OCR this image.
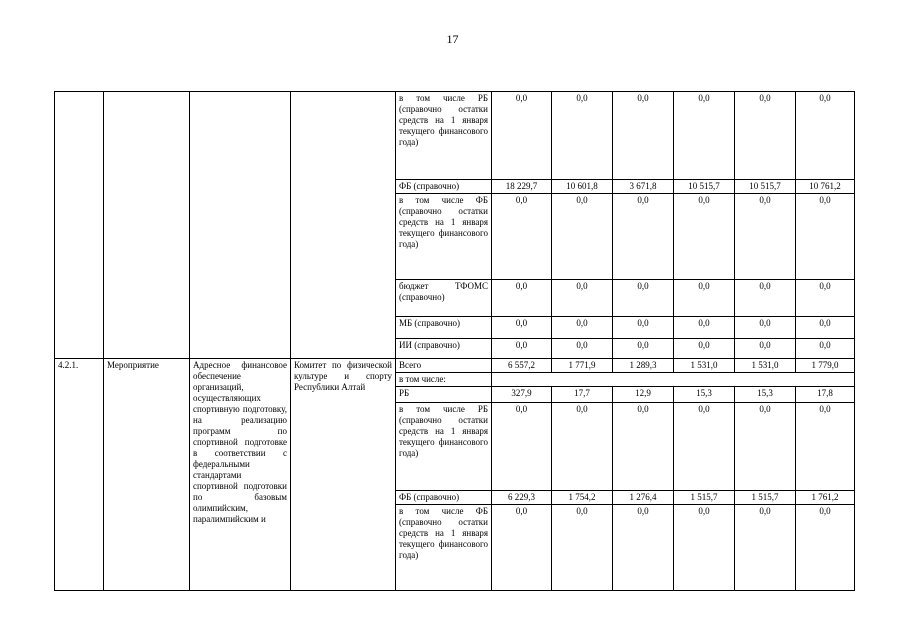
17
				в том числе РБ (справочно остатки средств на 1 января текущего финансового года)	0,0	0,0	0,0	0,0	0,0	0,0
				ФБ (справочно)	18 229,7	10 601,8	3 671,8	10 515,7	10 515,7	10 761,2
				в том числе ФБ (справочно остатки средств на 1 января текущего финансового года)	0,0	0,0	0,0	0,0	0,0	0,0
				бюджет ТФОМС (справочно)	0,0	0,0	0,0	0,0	0,0	0,0
				МБ (справочно)	0,0	0,0	0,0	0,0	0,0	0,0
				ИИ (справочно)	0,0	0,0	0,0	0,0	0,0	0,0
4.2.1.	Мероприятие	Адресное финансовое обеспечение организаций, осуществляющих спортивную подготовку, на реализацию программ по спортивной подготовке в соответствии с федеральными стандартами спортивной подготовки по базовым олимпийским, паралимпийским и	Комитет по физической культуре и спорту Республики Алтай	Всего	6 557,2	1 771,9	1 289,3	1 531,0	1 531,0	1 779,0
				в том числе:						
				РБ	327,9	17,7	12,9	15,3	15,3	17,8
				в том числе РБ (справочно остатки средств на 1 января текущего финансового года)	0,0	0,0	0,0	0,0	0,0	0,0
				ФБ (справочно)	6 229,3	1 754,2	1 276,4	1 515,7	1 515,7	1 761,2
				в том числе ФБ (справочно остатки средств на 1 января текущего финансового года)	0,0	0,0	0,0	0,0	0,0	0,0
